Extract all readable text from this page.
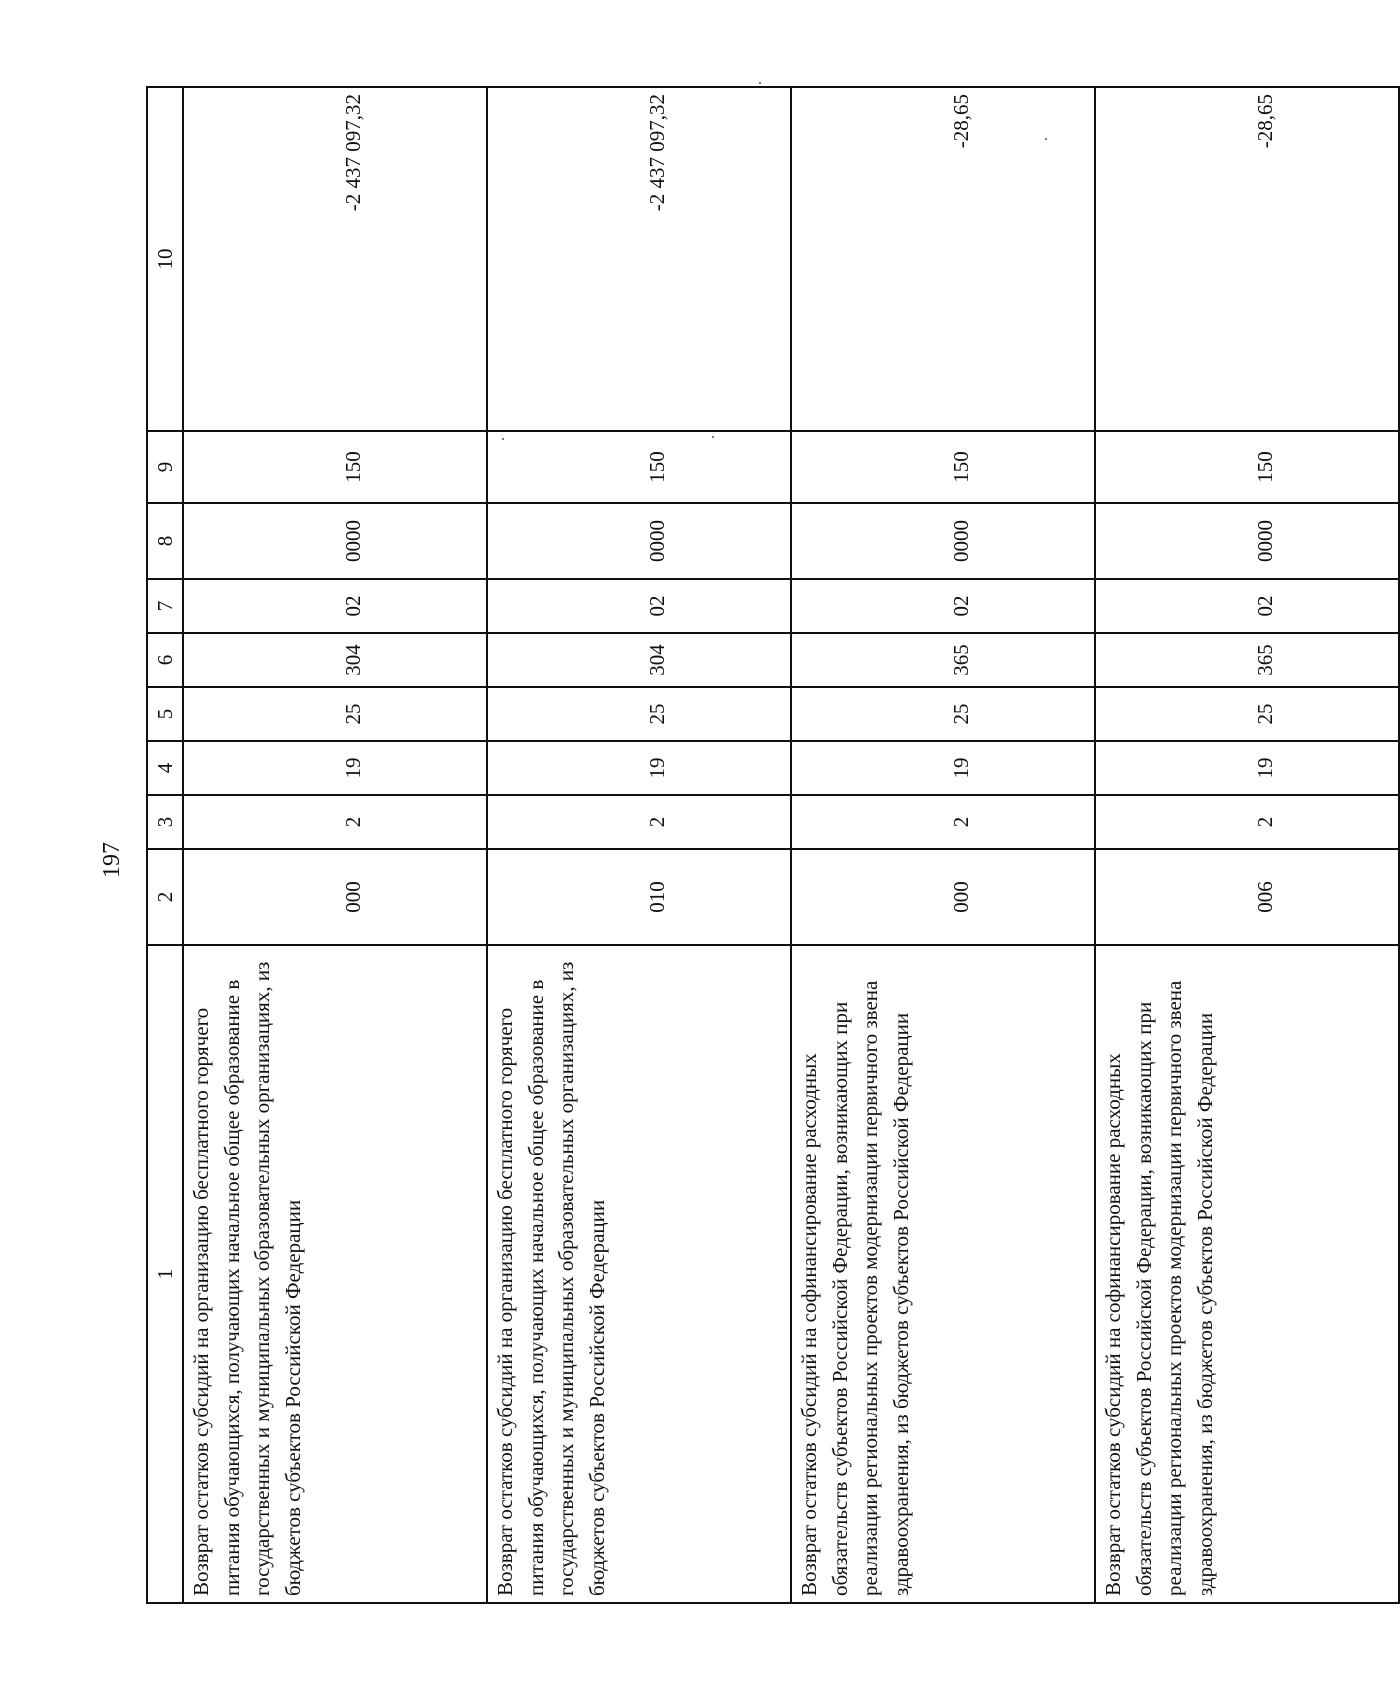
197
1	2	3	4	5	6	7	8	9	10
Возврат остатков субсидий на организацию бесплатного горячего питания обучающихся, получающих начальное общее образование в государственных и муниципальных образовательных организациях, из бюджетов субъектов Российской Федерации	000	2	19	25	304	02	0000	150	-2 437 097,32
Возврат остатков субсидий на организацию бесплатного горячего питания обучающихся, получающих начальное общее образование в государственных и муниципальных образовательных организациях, из бюджетов субъектов Российской Федерации	010	2	19	25	304	02	0000	150	-2 437 097,32
Возврат остатков субсидий на софинансирование расходных обязательств субъектов Российской Федерации, возникающих при реализации региональных проектов модернизации первичного звена здравоохранения, из бюджетов субъектов Российской Федерации	000	2	19	25	365	02	0000	150	-28,65
Возврат остатков субсидий на софинансирование расходных обязательств субъектов Российской Федерации, возникающих при реализации региональных проектов модернизации первичного звена здравоохранения, из бюджетов субъектов Российской Федерации	006	2	19	25	365	02	0000	150	-28,65
